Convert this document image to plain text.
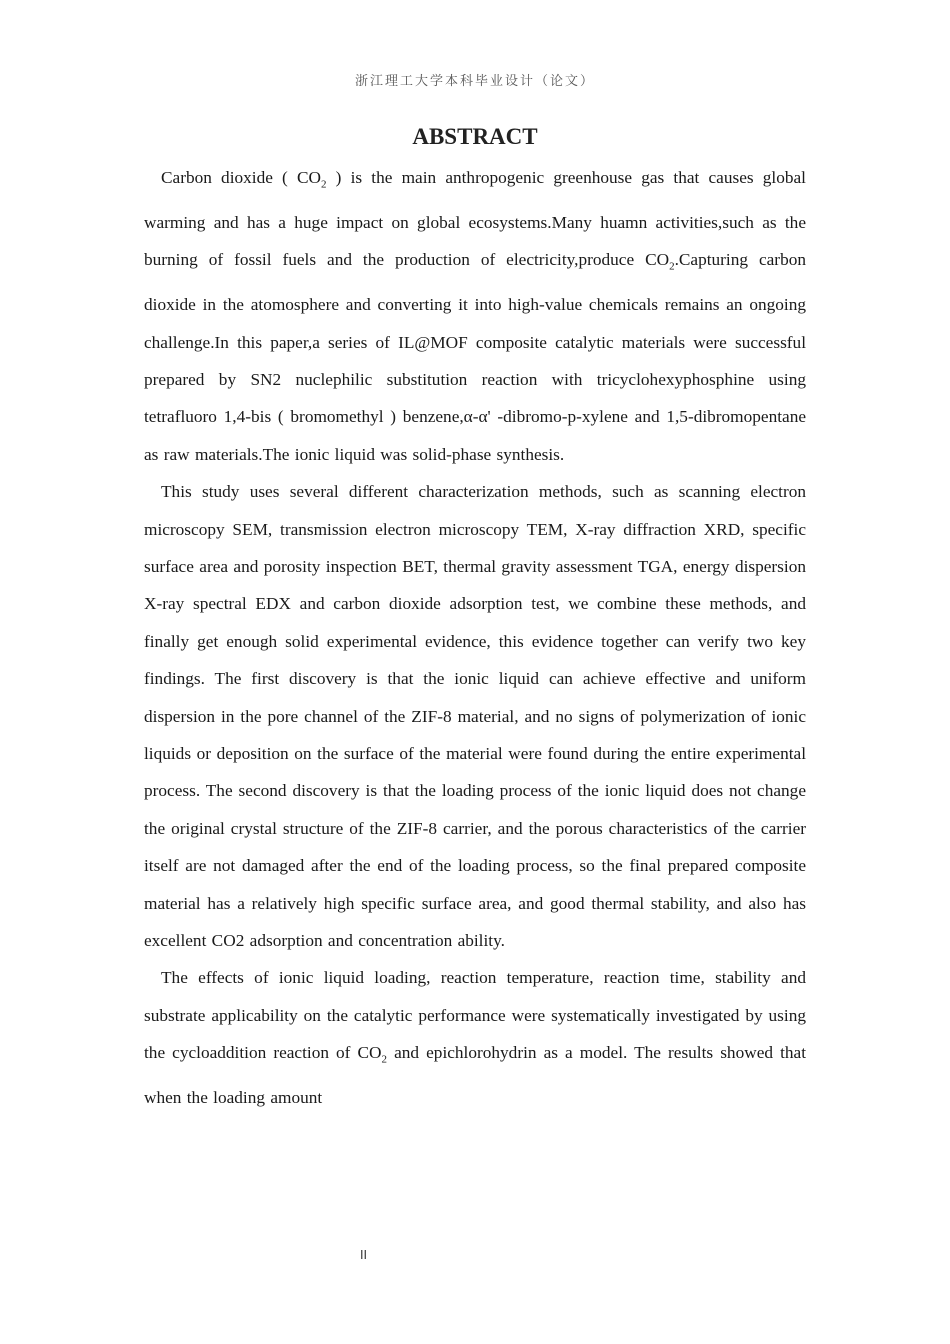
浙江理工大学本科毕业设计（论文）
ABSTRACT

Carbon dioxide ( $CO_2$ ) is the main anthropogenic greenhouse gas that causes global warming and has a huge impact on global ecosystems.Many huamn activities,such as the burning of fossil fuels and the production of electricity,produce $CO_2.Capturing$ carbon dioxide in the atomosphere and converting it into high-value chemicals remains an ongoing challenge.In this paper,a series of IL@MOF composite catalytic materials were successful prepared by SN2 nuclephilic substitution reaction with tricyclohexyphosphine using tetrafluoro 1,4-bis ( bromomethyl ) benzene,α-α' -dibromo-p-xylene and 1,5-dibromopentane as raw materials.The ionic liquid was solid-phase synthesis.

This study uses several different characterization methods, such as scanning electron microscopy SEM, transmission electron microscopy TEM, X-ray diffraction XRD, specific surface area and porosity inspection BET, thermal gravity assessment TGA, energy dispersion X-ray spectral EDX and carbon dioxide adsorption test, we combine these methods, and finally get enough solid experimental evidence, this evidence together can verify two key findings. The first discovery is that the ionic liquid can achieve effective and uniform dispersion in the pore channel of the ZIF-8 material, and no signs of polymerization of ionic liquids or deposition on the surface of the material were found during the entire experimental process. The second discovery is that the loading process of the ionic liquid does not change the original crystal structure of the ZIF-8 carrier, and the porous characteristics of the carrier itself are not damaged after the end of the loading process, so the final prepared composite material has a relatively high specific surface area, and good thermal stability, and also has excellent CO2 adsorption and concentration ability.

The effects of ionic liquid loading, reaction temperature, reaction time, stability and substrate applicability on the catalytic performance were systematically investigated by using the cycloaddition reaction of $CO_2$ and epichlorohydrin as a model. The results showed that when the loading amount

II
